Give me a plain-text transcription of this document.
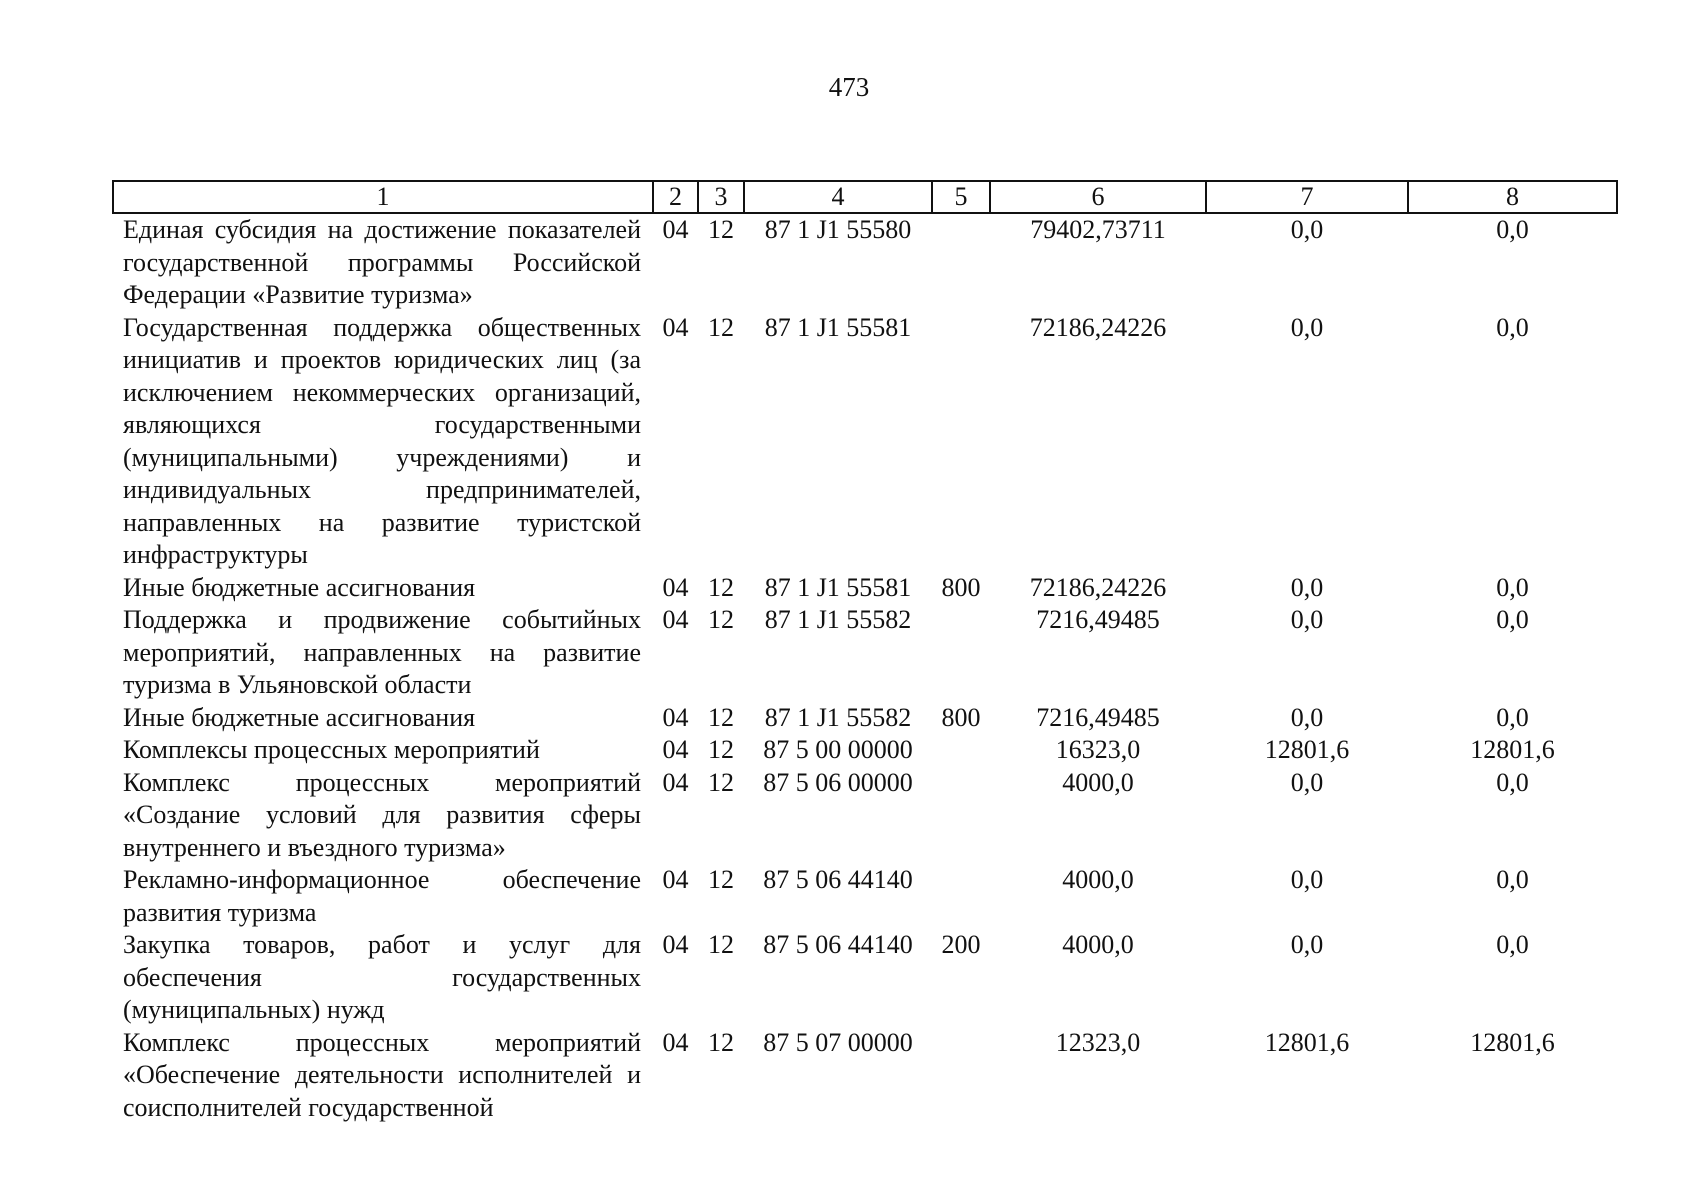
473
1	2	3	4	5	6	7	8
Единая субсидия на достижение показателей государственной программы Российской Федерации «Развитие туризма»	04	12	87 1 J1 55580		79402,73711	0,0	0,0
Государственная поддержка общественных инициатив и проектов юридических лиц (за исключением некоммерческих организаций, являющихся государственными (муниципальными) учреждениями) и индивидуальных предпринимателей, направленных на развитие туристской инфраструктуры	04	12	87 1 J1 55581		72186,24226	0,0	0,0
Иные бюджетные ассигнования	04	12	87 1 J1 55581	800	72186,24226	0,0	0,0
Поддержка и продвижение событийных мероприятий, направленных на развитие туризма в Ульяновской области	04	12	87 1 J1 55582		7216,49485	0,0	0,0
Иные бюджетные ассигнования	04	12	87 1 J1 55582	800	7216,49485	0,0	0,0
Комплексы процессных мероприятий	04	12	87 5 00 00000		16323,0	12801,6	12801,6
Комплекс процессных мероприятий «Создание условий для развития сферы внутреннего и въездного туризма»	04	12	87 5 06 00000		4000,0	0,0	0,0
Рекламно-информационное обеспечение развития туризма	04	12	87 5 06 44140		4000,0	0,0	0,0
Закупка товаров, работ и услуг для обеспечения государственных (муниципальных) нужд	04	12	87 5 06 44140	200	4000,0	0,0	0,0
Комплекс процессных мероприятий «Обеспечение деятельности исполнителей и соисполнителей государственной	04	12	87 5 07 00000		12323,0	12801,6	12801,6
